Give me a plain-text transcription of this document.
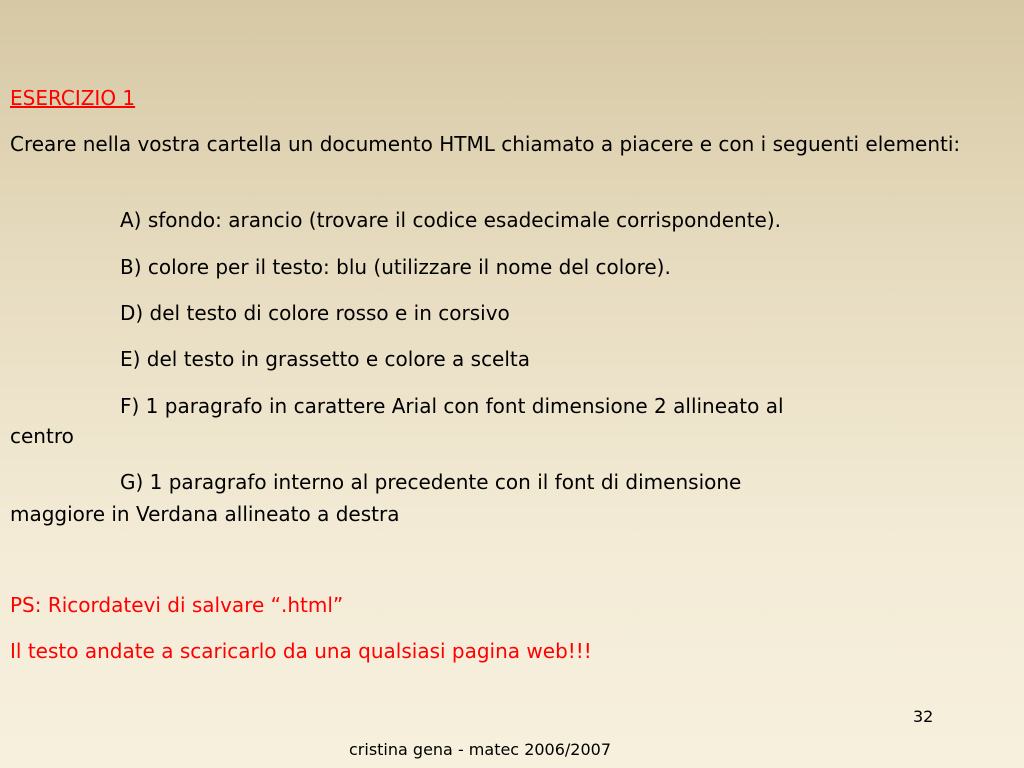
ESERCIZIO 1
Creare nella vostra cartella un documento HTML chiamato a piacere e con i seguenti elementi:
A) sfondo: arancio (trovare il codice esadecimale corrispondente).
B) colore per il testo: blu (utilizzare il nome del colore).
D) del testo di colore rosso e in corsivo
E) del testo in grassetto e colore a scelta
F) 1 paragrafo in carattere Arial con font dimensione 2 allineato al
centro
G) 1 paragrafo interno al precedente con il font di dimensione
maggiore in Verdana allineato a destra
PS: Ricordatevi di salvare “.html”
Il testo andate a scaricarlo da una qualsiasi pagina web!!!
32
cristina gena - matec 2006/2007
